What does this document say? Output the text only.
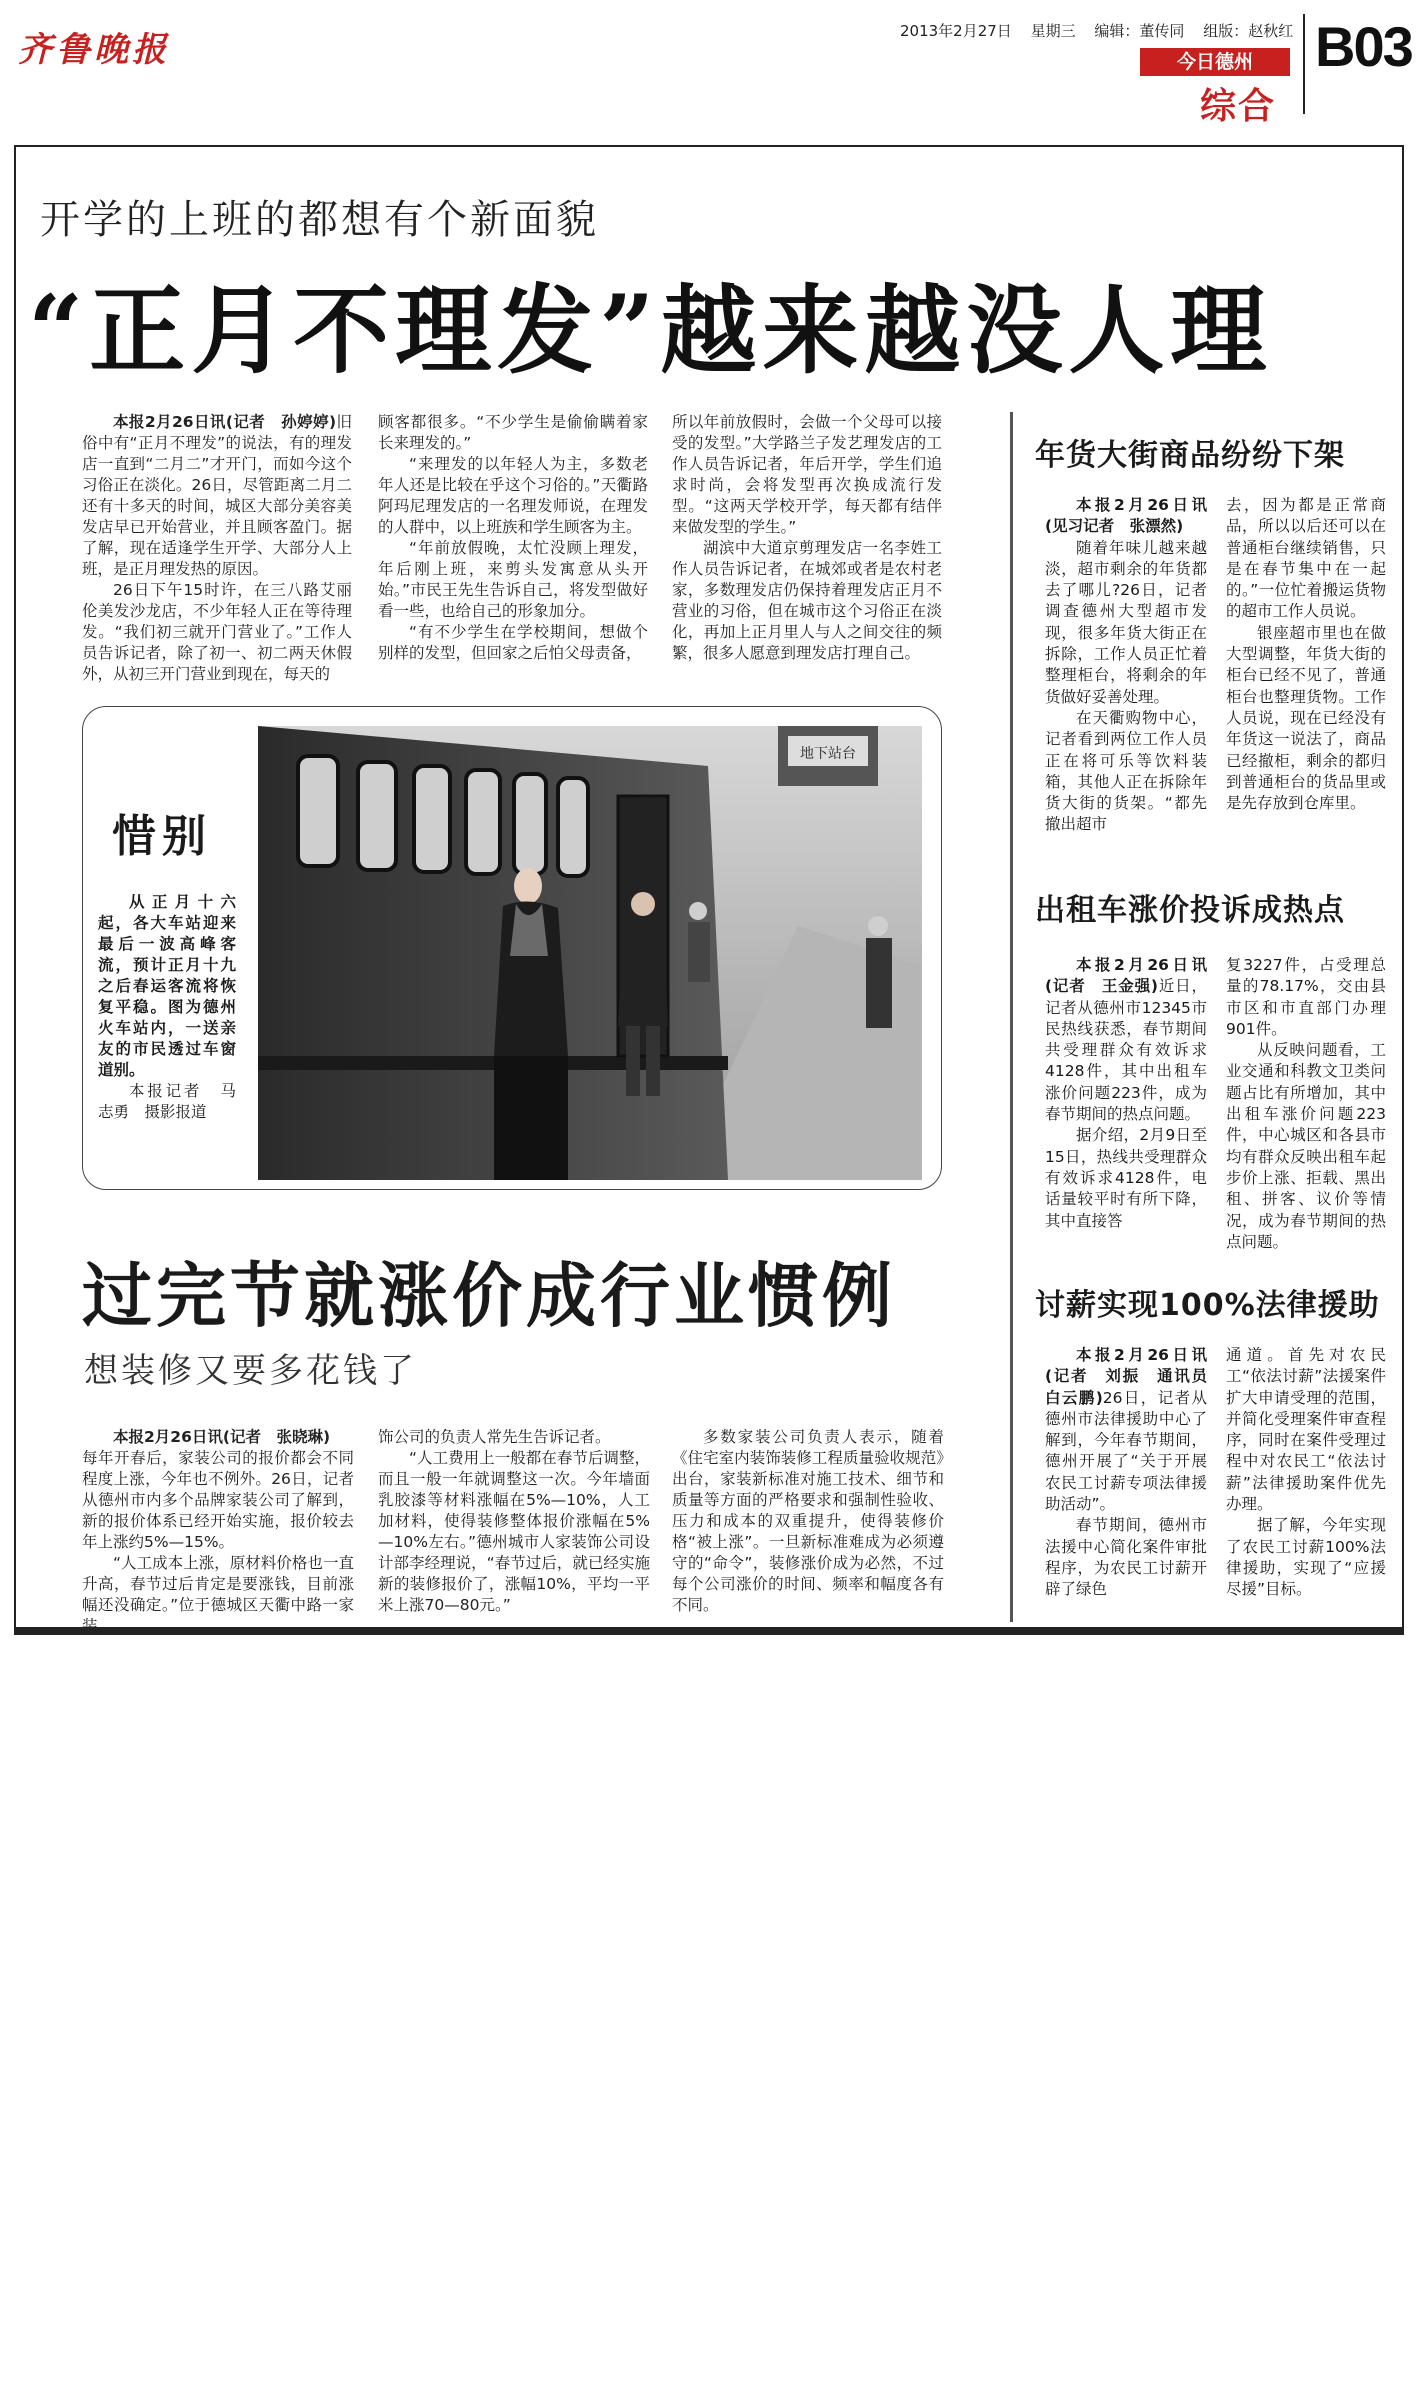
齐鲁晚报	2013年2月27日 星期三 编辑：董传同 组版：赵秋红
今日德州
综合
B03
开学的上班的都想有个新面貌
“正月不理发”越来越没人理

本报2月26日讯(记者　孙婷婷)旧俗中有“正月不理发”的说法，有的理发店一直到“二月二”才开门，而如今这个习俗正在淡化。26日，尽管距离二月二还有十多天的时间，城区大部分美容美发店早已开始营业，并且顾客盈门。据了解，现在适逢学生开学、大部分人上班，是正月理发热的原因。

26日下午15时许，在三八路艾丽伦美发沙龙店，不少年轻人正在等待理发。“我们初三就开门营业了。”工作人员告诉记者，除了初一、初二两天休假外，从初三开门营业到现在，每天的

顾客都很多。“不少学生是偷偷瞒着家长来理发的。”

“来理发的以年轻人为主，多数老年人还是比较在乎这个习俗的。”天衢路阿玛尼理发店的一名理发师说，在理发的人群中，以上班族和学生顾客为主。

“年前放假晚，太忙没顾上理发，年后刚上班，来剪头发寓意从头开始。”市民王先生告诉自己，将发型做好看一些，也给自己的形象加分。

“有不少学生在学校期间，想做个别样的发型，但回家之后怕父母责备，

所以年前放假时，会做一个父母可以接受的发型。”大学路兰子发艺理发店的工作人员告诉记者，年后开学，学生们追求时尚，会将发型再次换成流行发型。“这两天学校开学，每天都有结伴来做发型的学生。”

湖滨中大道京剪理发店一名李姓工作人员告诉记者，在城郊或者是农村老家，多数理发店仍保持着理发店正月不营业的习俗，但在城市这个习俗正在淡化，再加上正月里人与人之间交往的频繁，很多人愿意到理发店打理自己。

惜别

从正月十六起，各大车站迎来最后一波高峰客流，预计正月十九之后春运客流将恢复平稳。图为德州火车站内，一送亲友的市民透过车窗道别。

本报记者　马志勇　摄影报道

地下站台
过完节就涨价成行业惯例
想装修又要多花钱了

本报2月26日讯(记者　张晓琳)

每年开春后，家装公司的报价都会不同程度上涨，今年也不例外。26日，记者从德州市内多个品牌家装公司了解到，新的报价体系已经开始实施，报价较去年上涨约5%—15%。

“人工成本上涨，原材料价格也一直升高，春节过后肯定是要涨钱，目前涨幅还没确定。”位于德城区天衢中路一家装

饰公司的负责人常先生告诉记者。

“人工费用上一般都在春节后调整，而且一般一年就调整这一次。今年墙面乳胶漆等材料涨幅在5%—10%，人工加材料，使得装修整体报价涨幅在5%—10%左右。”德州城市人家装饰公司设计部李经理说，“春节过后，就已经实施新的装修报价了，涨幅10%，平均一平米上涨70—80元。”

多数家装公司负责人表示，随着《住宅室内装饰装修工程质量验收规范》出台，家装新标准对施工技术、细节和质量等方面的严格要求和强制性验收、压力和成本的双重提升，使得装修价格“被上涨”。一旦新标准难成为必须遵守的“命令”，装修涨价成为必然，不过每个公司涨价的时间、频率和幅度各有不同。

年货大街商品纷纷下架

本报2月26日讯(见习记者　张漂然)

随着年味儿越来越淡，超市剩余的年货都去了哪儿?26日，记者调查德州大型超市发现，很多年货大街正在拆除，工作人员正忙着整理柜台，将剩余的年货做好妥善处理。

在天衢购物中心，记者看到两位工作人员正在将可乐等饮料装箱，其他人正在拆除年货大街的货架。“都先撤出超市

去，因为都是正常商品，所以以后还可以在普通柜台继续销售，只是在春节集中在一起的。”一位忙着搬运货物的超市工作人员说。

银座超市里也在做大型调整，年货大街的柜台已经不见了，普通柜台也整理货物。工作人员说，现在已经没有年货这一说法了，商品已经撤柜，剩余的都归到普通柜台的货品里或是先存放到仓库里。

出租车涨价投诉成热点

本报2月26日讯(记者　王金强)近日，记者从德州市12345市民热线获悉，春节期间共受理群众有效诉求4128件，其中出租车涨价问题223件，成为春节期间的热点问题。

据介绍，2月9日至15日，热线共受理群众有效诉求4128件，电话量较平时有所下降，其中直接答

复3227件，占受理总量的78.17%，交由县市区和市直部门办理901件。

从反映问题看，工业交通和科教文卫类问题占比有所增加，其中出租车涨价问题223件，中心城区和各县市均有群众反映出租车起步价上涨、拒载、黑出租、拼客、议价等情况，成为春节期间的热点问题。

讨薪实现100%法律援助

本报2月26日讯(记者　刘振　通讯员　白云鹏)26日，记者从德州市法律援助中心了解到，今年春节期间，德州开展了“关于开展农民工讨薪专项法律援助活动”。

春节期间，德州市法援中心简化案件审批程序，为农民工讨薪开辟了绿色

通道。首先对农民工“依法讨薪”法援案件扩大申请受理的范围，并简化受理案件审查程序，同时在案件受理过程中对农民工“依法讨薪”法律援助案件优先办理。

据了解，今年实现了农民工讨薪100%法律援助，实现了“应援尽援”目标。
